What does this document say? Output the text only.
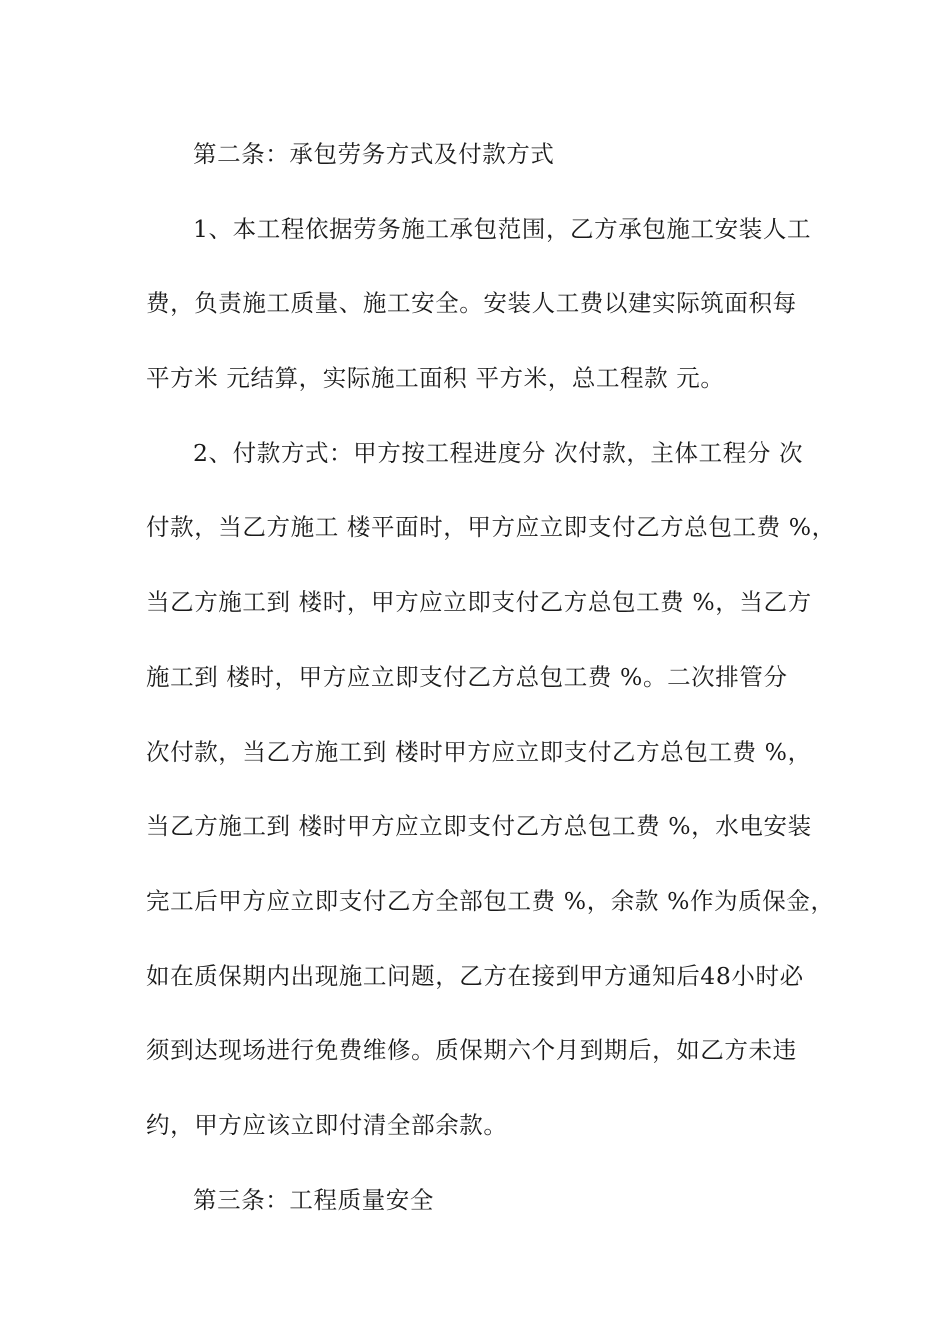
第二条：承包劳务方式及付款方式
1、本工程依据劳务施工承包范围，乙方承包施工安装人工
费，负责施工质量、施工安全。安装人工费以建实际筑面积每
平方米 元结算，实际施工面积 平方米，总工程款 元。
2、付款方式：甲方按工程进度分 次付款，主体工程分 次
付款，当乙方施工 楼平面时，甲方应立即支付乙方总包工费 %，
当乙方施工到 楼时，甲方应立即支付乙方总包工费 %，当乙方
施工到 楼时，甲方应立即支付乙方总包工费 %。二次排管分
次付款，当乙方施工到 楼时甲方应立即支付乙方总包工费 %，
当乙方施工到 楼时甲方应立即支付乙方总包工费 %，水电安装
完工后甲方应立即支付乙方全部包工费 %，余款 %作为质保金，
如在质保期内出现施工问题，乙方在接到甲方通知后48小时必
须到达现场进行免费维修。质保期六个月到期后，如乙方未违
约，甲方应该立即付清全部余款。
第三条：工程质量安全
